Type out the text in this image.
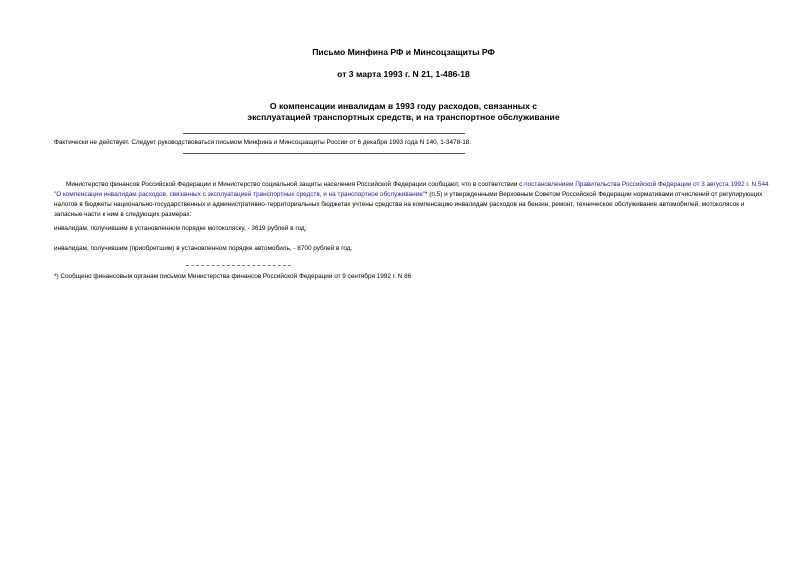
Письмо Минфина РФ и Минсоцзащиты РФ
от 3 марта 1993 г. N 21, 1-486-18
О компенсации инвалидам в 1993 году расходов, связанных с
эксплуатацией транспортных средств, и на транспортное обслуживание
Фактически не действует. Следует руководствоваться письмом Минфина и Минсоцзащиты России от 6 декабря 1993 года N 140, 1-3478-18.
Министерство финансов Российской Федерации и Министерство социальной защиты населения Российской Федерации сообщают, что в соответствии с постановлением Правительства Российской Федерации от 3 августа 1992 г. N 544 "О компенсации инвалидам расходов, связанных с эксплуатацией транспортных средств, и на транспортное обслуживание"* (п.5) и утвержденными Верховным Советом Российской Федерации нормативами отчислений от регулирующих налогов в бюджеты национально-государственных и административно-территориальных бюджетах учтены средства на компенсацию инвалидам расходов на бензин, ремонт, техническое обслуживание автомобилей, мотоколясок и запасные части к ним в следующих размерах:
инвалидам, получившим в установленном порядке мотоколяску, - 3619 рублей в год;
инвалидам, получившим (приобретшим) в установленном порядке автомобиль, - 8700 рублей в год.
*) Сообщено финансовым органам письмом Министерства финансов Российской Федерации от 9 сентября 1992 г. N 86
